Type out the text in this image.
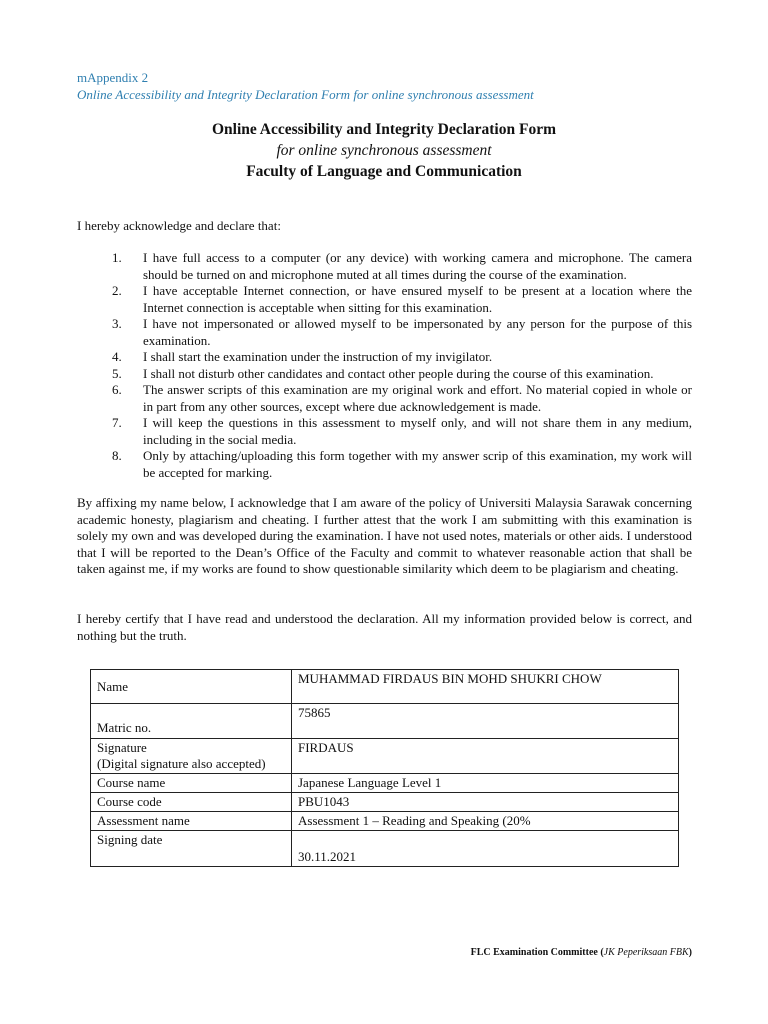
mAppendix 2
Online Accessibility and Integrity Declaration Form for online synchronous assessment
Online Accessibility and Integrity Declaration Form
for online synchronous assessment
Faculty of Language and Communication
I hereby acknowledge and declare that:
1. I have full access to a computer (or any device) with working camera and microphone. The camera should be turned on and microphone muted at all times during the course of the examination.
2. I have acceptable Internet connection, or have ensured myself to be present at a location where the Internet connection is acceptable when sitting for this examination.
3. I have not impersonated or allowed myself to be impersonated by any person for the purpose of this examination.
4. I shall start the examination under the instruction of my invigilator.
5. I shall not disturb other candidates and contact other people during the course of this examination.
6. The answer scripts of this examination are my original work and effort. No material copied in whole or in part from any other sources, except where due acknowledgement is made.
7. I will keep the questions in this assessment to myself only, and will not share them in any medium, including in the social media.
8. Only by attaching/uploading this form together with my answer scrip of this examination, my work will be accepted for marking.
By affixing my name below, I acknowledge that I am aware of the policy of Universiti Malaysia Sarawak concerning academic honesty, plagiarism and cheating. I further attest that the work I am submitting with this examination is solely my own and was developed during the examination. I have not used notes, materials or other aids. I understood that I will be reported to the Dean’s Office of the Faculty and commit to whatever reasonable action that shall be taken against me, if my works are found to show questionable similarity which deem to be plagiarism and cheating.
I hereby certify that I have read and understood the declaration. All my information provided below is correct, and nothing but the truth.
Name	MUHAMMAD FIRDAUS BIN MOHD SHUKRI CHOW
Matric no.	75865

Signature
(Digital signature also accepted)	FIRDAUS
Course name	Japanese Language Level 1
Course code	PBU1043
Assessment name	Assessment 1 – Reading and Speaking (20%
Signing date	30.11.2021
FLC Examination Committee (JK Peperiksaan FBK)
